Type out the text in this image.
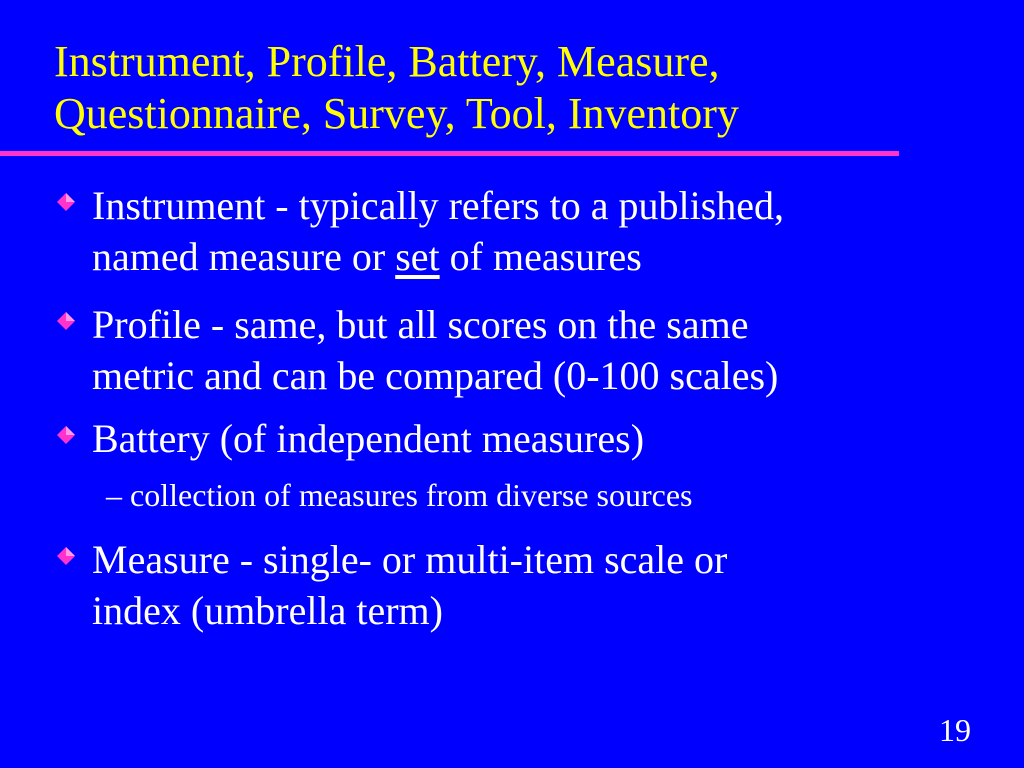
Instrument, Profile, Battery, Measure,
Questionnaire, Survey, Tool, Inventory
Instrument - typically refers to a published,
named measure or set of measures
Profile - same, but all scores on the same
metric and can be compared (0-100 scales)
Battery (of independent measures)
– collection of measures from diverse sources
Measure - single- or multi-item scale or
index (umbrella term)
19
